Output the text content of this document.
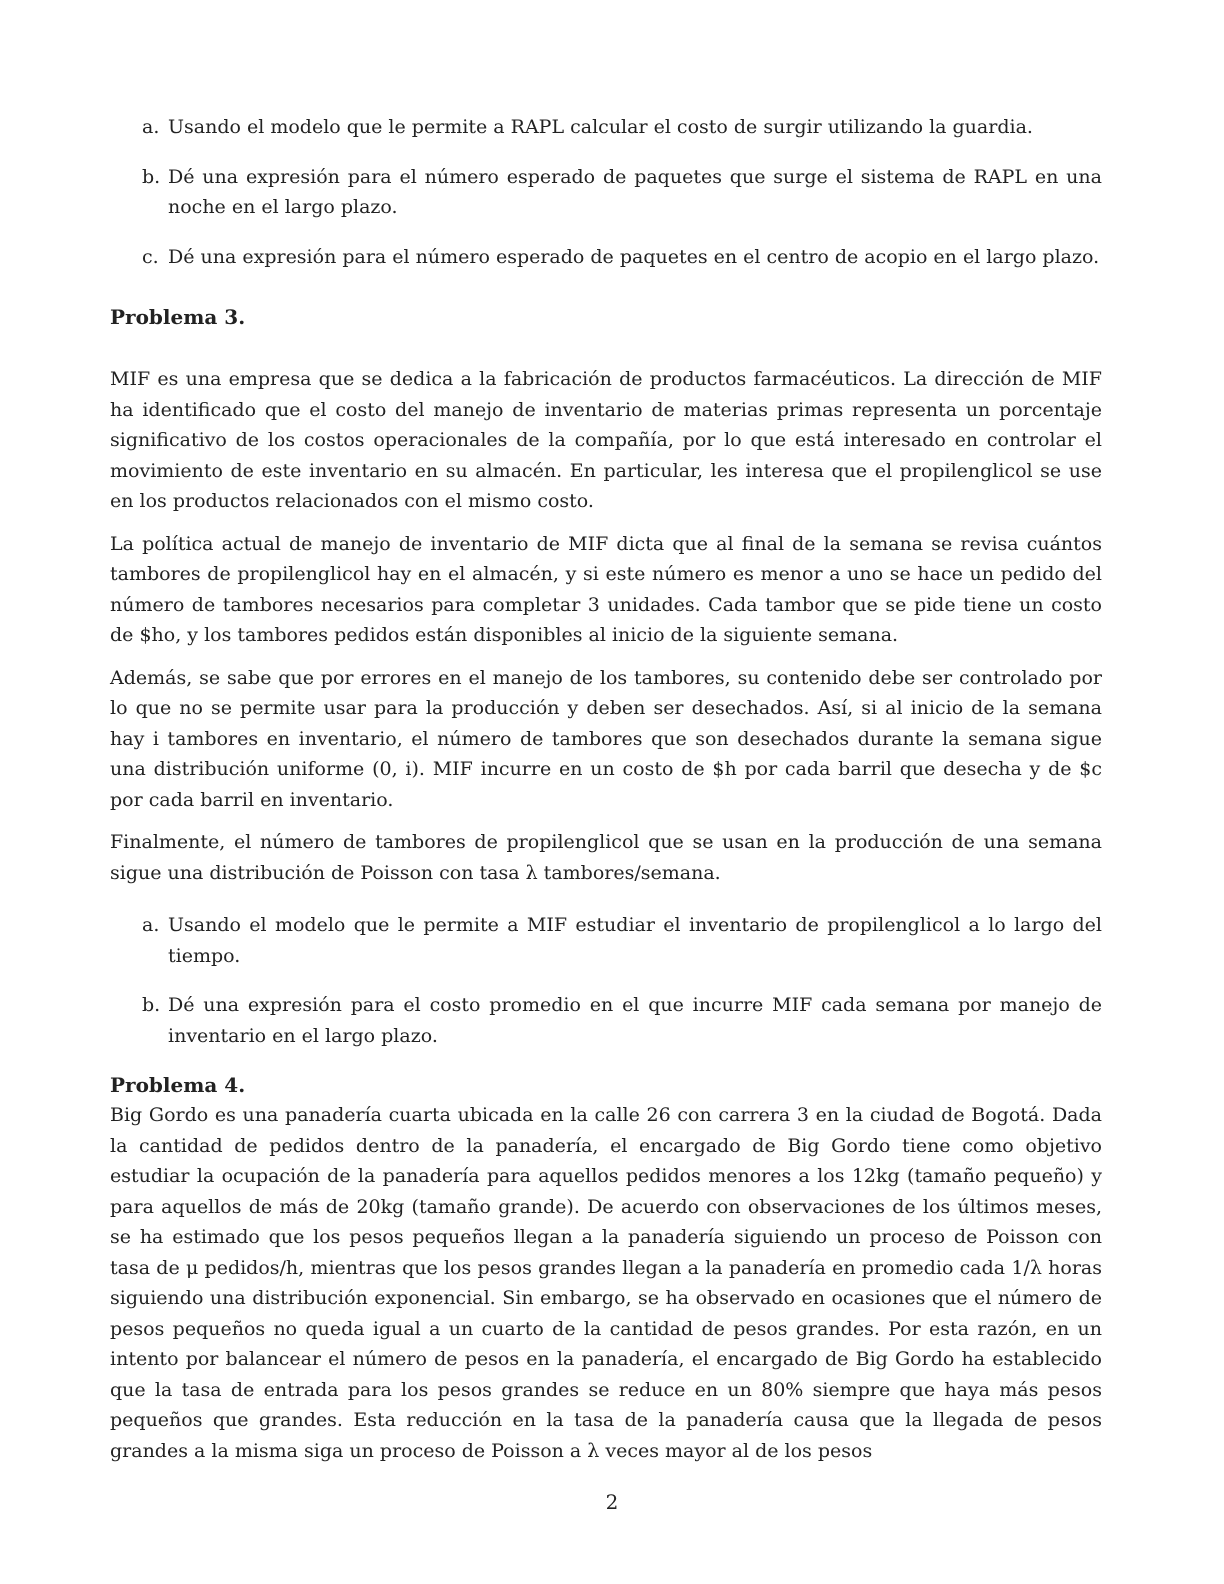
a. Usando el modelo que le permite a RAPL calcular el costo de surgir utilizando la guardia.
b. Dé una expresión para el número esperado de paquetes que surge el sistema de RAPL en una noche en el largo plazo.
c. Dé una expresión para el número esperado de paquetes en el centro de acopio en el largo plazo.
Problema 3.

MIF es una empresa que se dedica a la fabricación de productos farmacéuticos. La dirección de MIF ha identificado que el costo del manejo de inventario de materias primas representa un porcentaje significativo de los costos operacionales de la compañía, por lo que está interesado en controlar el movimiento de este inventario en su almacén. En particular, les interesa que el propilenglicol se use en los productos relacionados con el mismo costo.

La política actual de manejo de inventario de MIF dicta que al final de la semana se revisa cuántos tambores de propilenglicol hay en el almacén, y si este número es menor a uno se hace un pedido del número de tambores necesarios para completar 3 unidades. Cada tambor que se pide tiene un costo de $ho, y los tambores pedidos están disponibles al inicio de la siguiente semana.

Además, se sabe que por errores en el manejo de los tambores, su contenido debe ser controlado por lo que no se permite usar para la producción y deben ser desechados. Así, si al inicio de la semana hay i tambores en inventario, el número de tambores que son desechados durante la semana sigue una distribución uniforme (0, i). MIF incurre en un costo de $h por cada barril que desecha y de $c por cada barril en inventario.

Finalmente, el número de tambores de propilenglicol que se usan en la producción de una semana sigue una distribución de Poisson con tasa λ tambores/semana.

a. Usando el modelo que le permite a MIF estudiar el inventario de propilenglicol a lo largo del tiempo.
b. Dé una expresión para el costo promedio en el que incurre MIF cada semana por manejo de inventario en el largo plazo.
Problema 4.

Big Gordo es una panadería cuarta ubicada en la calle 26 con carrera 3 en la ciudad de Bogotá. Dada la cantidad de pedidos dentro de la panadería, el encargado de Big Gordo tiene como objetivo estudiar la ocupación de la panadería para aquellos pedidos menores a los 12kg (tamaño pequeño) y para aquellos de más de 20kg (tamaño grande). De acuerdo con observaciones de los últimos meses, se ha estimado que los pesos pequeños llegan a la panadería siguiendo un proceso de Poisson con tasa de μ pedidos/h, mientras que los pesos grandes llegan a la panadería en promedio cada 1/λ horas siguiendo una distribución exponencial. Sin embargo, se ha observado en ocasiones que el número de pesos pequeños no queda igual a un cuarto de la cantidad de pesos grandes. Por esta razón, en un intento por balancear el número de pesos en la panadería, el encargado de Big Gordo ha establecido que la tasa de entrada para los pesos grandes se reduce en un 80% siempre que haya más pesos pequeños que grandes. Esta reducción en la tasa de la panadería causa que la llegada de pesos grandes a la misma siga un proceso de Poisson a λ veces mayor al de los pesos

2
